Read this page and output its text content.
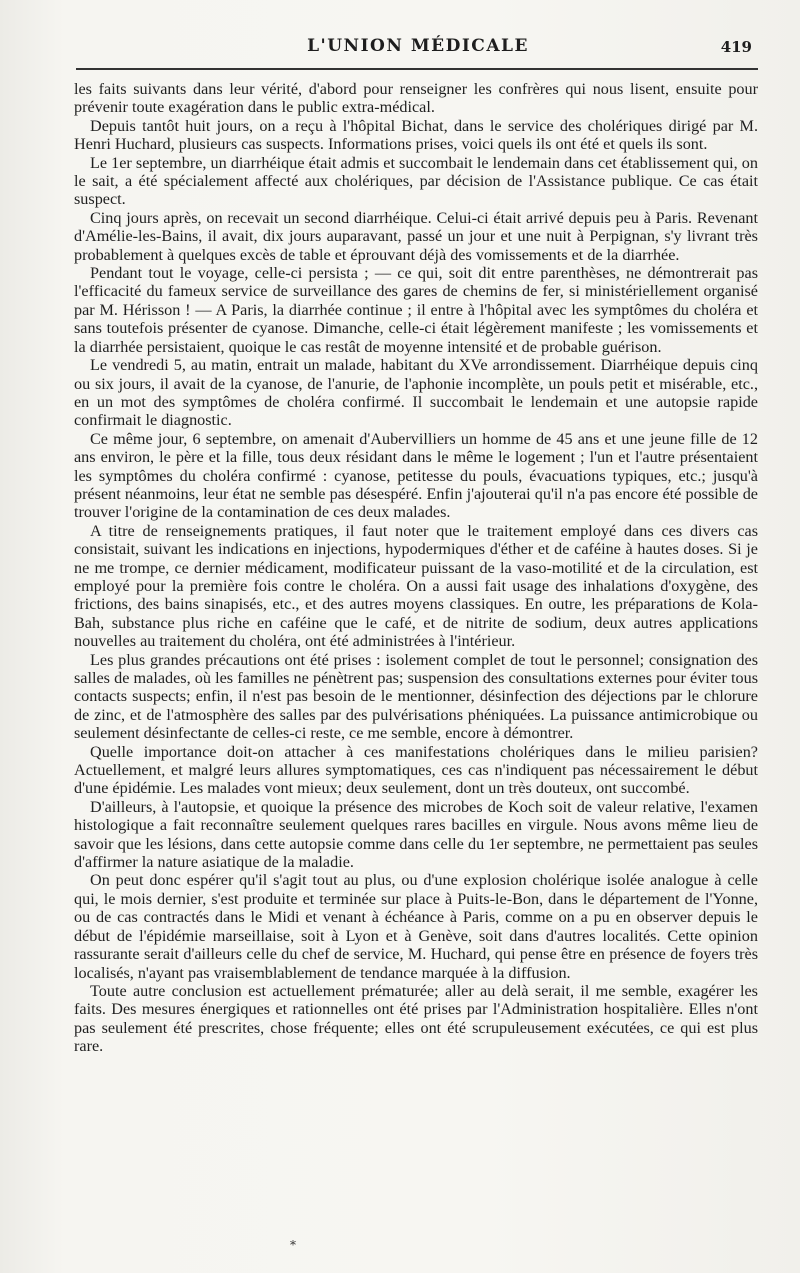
L'UNION MÉDICALE	419

les faits suivants dans leur vérité, d'abord pour renseigner les confrères qui nous lisent, ensuite pour prévenir toute exagération dans le public extra-médical.

Depuis tantôt huit jours, on a reçu à l'hôpital Bichat, dans le service des cholériques dirigé par M. Henri Huchard, plusieurs cas suspects. Informations prises, voici quels ils ont été et quels ils sont.

Le 1er septembre, un diarrhéique était admis et succombait le lendemain dans cet établissement qui, on le sait, a été spécialement affecté aux cholériques, par décision de l'Assistance publique. Ce cas était suspect.

Cinq jours après, on recevait un second diarrhéique. Celui-ci était arrivé depuis peu à Paris. Revenant d'Amélie-les-Bains, il avait, dix jours auparavant, passé un jour et une nuit à Perpignan, s'y livrant très probablement à quelques excès de table et éprouvant déjà des vomissements et de la diarrhée.

Pendant tout le voyage, celle-ci persista ; — ce qui, soit dit entre parenthèses, ne démontrerait pas l'efficacité du fameux service de surveillance des gares de chemins de fer, si ministériellement organisé par M. Hérisson ! — A Paris, la diarrhée continue ; il entre à l'hôpital avec les symptômes du choléra et sans toutefois présenter de cyanose. Dimanche, celle-ci était légèrement manifeste ; les vomissements et la diarrhée persistaient, quoique le cas restât de moyenne intensité et de probable guérison.

Le vendredi 5, au matin, entrait un malade, habitant du XVe arrondissement. Diarrhéique depuis cinq ou six jours, il avait de la cyanose, de l'anurie, de l'aphonie incomplète, un pouls petit et misérable, etc., en un mot des symptômes de choléra confirmé. Il succombait le lendemain et une autopsie rapide confirmait le diagnostic.

Ce même jour, 6 septembre, on amenait d'Aubervilliers un homme de 45 ans et une jeune fille de 12 ans environ, le père et la fille, tous deux résidant dans le même le logement ; l'un et l'autre présentaient les symptômes du choléra confirmé : cyanose, petitesse du pouls, évacuations typiques, etc.; jusqu'à présent néanmoins, leur état ne semble pas désespéré. Enfin j'ajouterai qu'il n'a pas encore été possible de trouver l'origine de la contamination de ces deux malades.

A titre de renseignements pratiques, il faut noter que le traitement employé dans ces divers cas consistait, suivant les indications en injections, hypodermiques d'éther et de caféine à hautes doses. Si je ne me trompe, ce dernier médicament, modificateur puissant de la vaso-motilité et de la circulation, est employé pour la première fois contre le choléra. On a aussi fait usage des inhalations d'oxygène, des frictions, des bains sinapisés, etc., et des autres moyens classiques. En outre, les préparations de Kola-Bah, substance plus riche en caféine que le café, et de nitrite de sodium, deux autres applications nouvelles au traitement du choléra, ont été administrées à l'intérieur.

Les plus grandes précautions ont été prises : isolement complet de tout le personnel; consignation des salles de malades, où les familles ne pénètrent pas; suspension des consultations externes pour éviter tous contacts suspects; enfin, il n'est pas besoin de le mentionner, désinfection des déjections par le chlorure de zinc, et de l'atmosphère des salles par des pulvérisations phéniquées. La puissance antimicrobique ou seulement désinfectante de celles-ci reste, ce me semble, encore à démontrer.

Quelle importance doit-on attacher à ces manifestations cholériques dans le milieu parisien? Actuellement, et malgré leurs allures symptomatiques, ces cas n'indiquent pas nécessairement le début d'une épidémie. Les malades vont mieux; deux seulement, dont un très douteux, ont succombé.

D'ailleurs, à l'autopsie, et quoique la présence des microbes de Koch soit de valeur relative, l'examen histologique a fait reconnaître seulement quelques rares bacilles en virgule. Nous avons même lieu de savoir que les lésions, dans cette autopsie comme dans celle du 1er septembre, ne permettaient pas seules d'affirmer la nature asiatique de la maladie.

On peut donc espérer qu'il s'agit tout au plus, ou d'une explosion cholérique isolée analogue à celle qui, le mois dernier, s'est produite et terminée sur place à Puits-le-Bon, dans le département de l'Yonne, ou de cas contractés dans le Midi et venant à échéance à Paris, comme on a pu en observer depuis le début de l'épidémie marseillaise, soit à Lyon et à Genève, soit dans d'autres localités. Cette opinion rassurante serait d'ailleurs celle du chef de service, M. Huchard, qui pense être en présence de foyers très localisés, n'ayant pas vraisemblablement de tendance marquée à la diffusion.

Toute autre conclusion est actuellement prématurée; aller au delà serait, il me semble, exagérer les faits. Des mesures énergiques et rationnelles ont été prises par l'Administration hospitalière. Elles n'ont pas seulement été prescrites, chose fréquente; elles ont été scrupuleusement exécutées, ce qui est plus rare.

*
